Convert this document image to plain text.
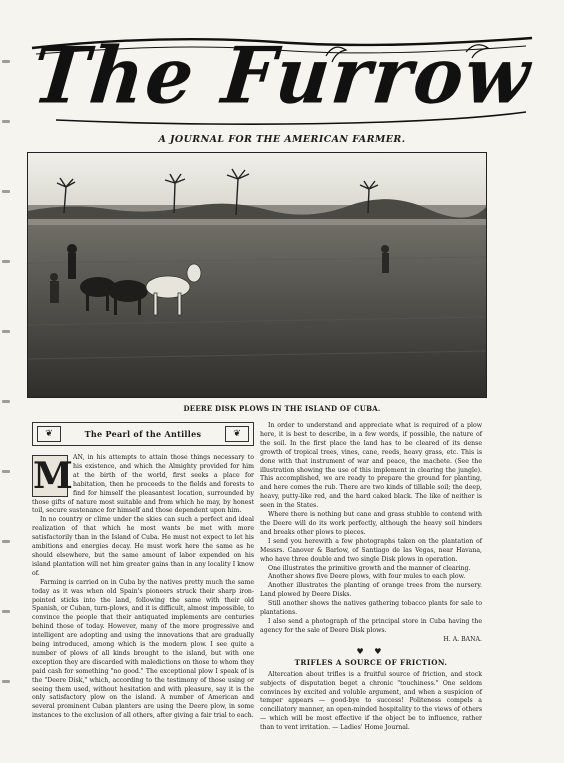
The Furrow
A JOURNAL FOR THE AMERICAN FARMER.
DEERE DISK PLOWS IN THE ISLAND OF CUBA.
❦	The Pearl of the Antilles	❦
M AN, in his attempts to attain those things necessary to his existence, and which the Almighty provided for him at the birth of the world, first seeks a place for habitation, then he proceeds to the fields and forests to find for himself the pleasantest location, surrounded by those gifts of nature most suitable and from which he may, by honest toil, secure sustenance for himself and those dependent upon him.

In no country or clime under the skies can such a perfect and ideal realization of that which he most wants be met with more satisfactorily than in the Island of Cuba. He must not expect to let his ambitions and energies decay. He must work here the same as he should elsewhere, but the same amount of labor expended on his island plantation will net him greater gains than in any locality I know of.

Farming is carried on in Cuba by the natives pretty much the same today as it was when old Spain's pioneers struck their sharp iron-pointed sticks into the land, following the same with their old Spanish, or Cuban, turn-plows, and it is difficult, almost impossible, to convince the people that their antiquated implements are centuries behind those of today. However, many of the more progressive and intelligent are adopting and using the innovations that are gradually being introduced, among which is the modern plow. I see quite a number of plows of all kinds brought to the island, but with one exception they are discarded with maledictions on those to whom they paid cash for something "no good." The exceptional plow I speak of is the "Deere Disk," which, according to the testimony of those using or seeing them used, without hesitation and with pleasure, say it is the only satisfactory plow on the island. A number of American and several prominent Cuban planters are using the Deere plow, in some instances to the exclusion of all others, after giving a fair trial to each.

In order to understand and appreciate what is required of a plow here, it is best to describe, in a few words, if possible, the nature of the soil. In the first place the land has to be cleared of its dense growth of tropical trees, vines, cane, reeds, heavy grass, etc. This is done with that instrument of war and peace, the machete. (See the illustration showing the use of this implement in clearing the jungle). This accomplished, we are ready to prepare the ground for planting, and here comes the rub. There are two kinds of tillable soil; the deep, heavy, putty-like red, and the hard caked black. The like of neither is seen in the States.

Where there is nothing but cane and grass stubble to contend with the Deere will do its work perfectly, although the heavy soil hinders and breaks other plows to pieces.

I send you herewith a few photographs taken on the plantation of Messrs. Canover & Barlow, of Santiago de las Vegas, near Havana, who have three double and two single Disk plows in operation.

One illustrates the primitive growth and the manner of clearing.

Another shows five Deere plows, with four mules to each plow.

Another illustrates the planting of orange trees from the nursery. Land plowed by Deere Disks.

Still another shows the natives gathering tobacco plants for sale to plantations.

I also send a photograph of the principal store in Cuba having the agency for the sale of Deere Disk plows.

H. A. BANA.
♥ ♥
TRIFLES A SOURCE OF FRICTION.

Altercation about trifles is a fruitful source of friction, and stock subjects of disputation beget a chronic "touchiness." One seldom convinces by excited and voluble argument, and when a suspicion of temper appears — good-bye to success! Politeness compels a conciliatory manner, an open-minded hospitality to the views of others — which will be most effective if the object be to influence, rather than to vent irritation. — Ladies' Home Journal.
